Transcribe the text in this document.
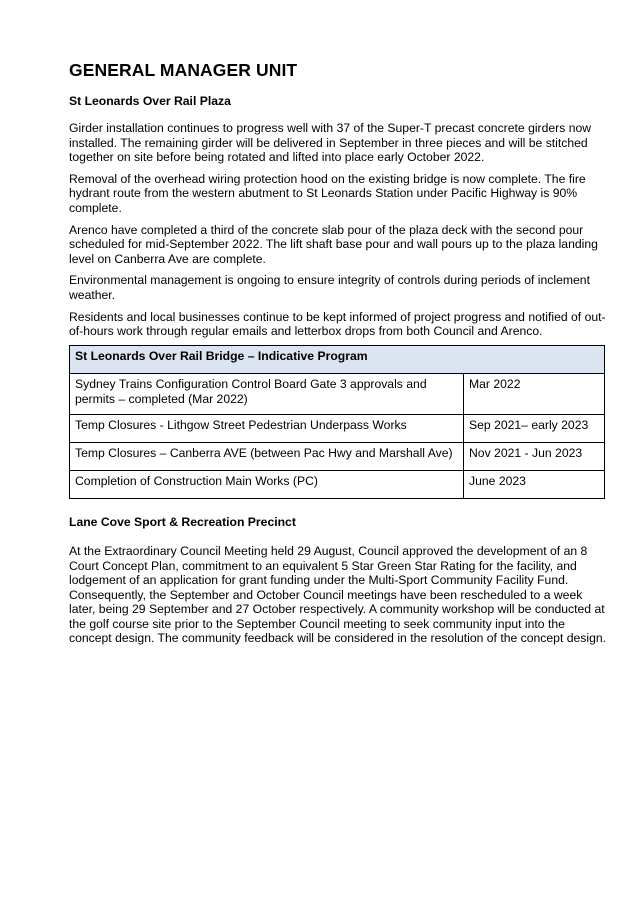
GENERAL MANAGER UNIT
St Leonards Over Rail Plaza

Girder installation continues to progress well with 37 of the Super-T precast concrete girders now installed. The remaining girder will be delivered in September in three pieces and will be stitched together on site before being rotated and lifted into place early October 2022.

Removal of the overhead wiring protection hood on the existing bridge is now complete. The fire hydrant route from the western abutment to St Leonards Station under Pacific Highway is 90% complete.

Arenco have completed a third of the concrete slab pour of the plaza deck with the second pour scheduled for mid-September 2022. The lift shaft base pour and wall pours up to the plaza landing level on Canberra Ave are complete.

Environmental management is ongoing to ensure integrity of controls during periods of inclement weather.

Residents and local businesses continue to be kept informed of project progress and notified of out-of-hours work through regular emails and letterbox drops from both Council and Arenco.

St Leonards Over Rail Bridge – Indicative Program	
Sydney Trains Configuration Control Board Gate 3 approvals and permits – completed (Mar 2022)	Mar 2022
Temp Closures - Lithgow Street Pedestrian Underpass Works	Sep 2021– early 2023
Temp Closures – Canberra AVE (between Pac Hwy and Marshall Ave)	Nov 2021 - Jun 2023
Completion of Construction Main Works (PC)	June 2023
Lane Cove Sport & Recreation Precinct

At the Extraordinary Council Meeting held 29 August, Council approved the development of an 8 Court Concept Plan, commitment to an equivalent 5 Star Green Star Rating for the facility, and lodgement of an application for grant funding under the Multi-Sport Community Facility Fund. Consequently, the September and October Council meetings have been rescheduled to a week later, being 29 September and 27 October respectively. A community workshop will be conducted at the golf course site prior to the September Council meeting to seek community input into the concept design. The community feedback will be considered in the resolution of the concept design.
